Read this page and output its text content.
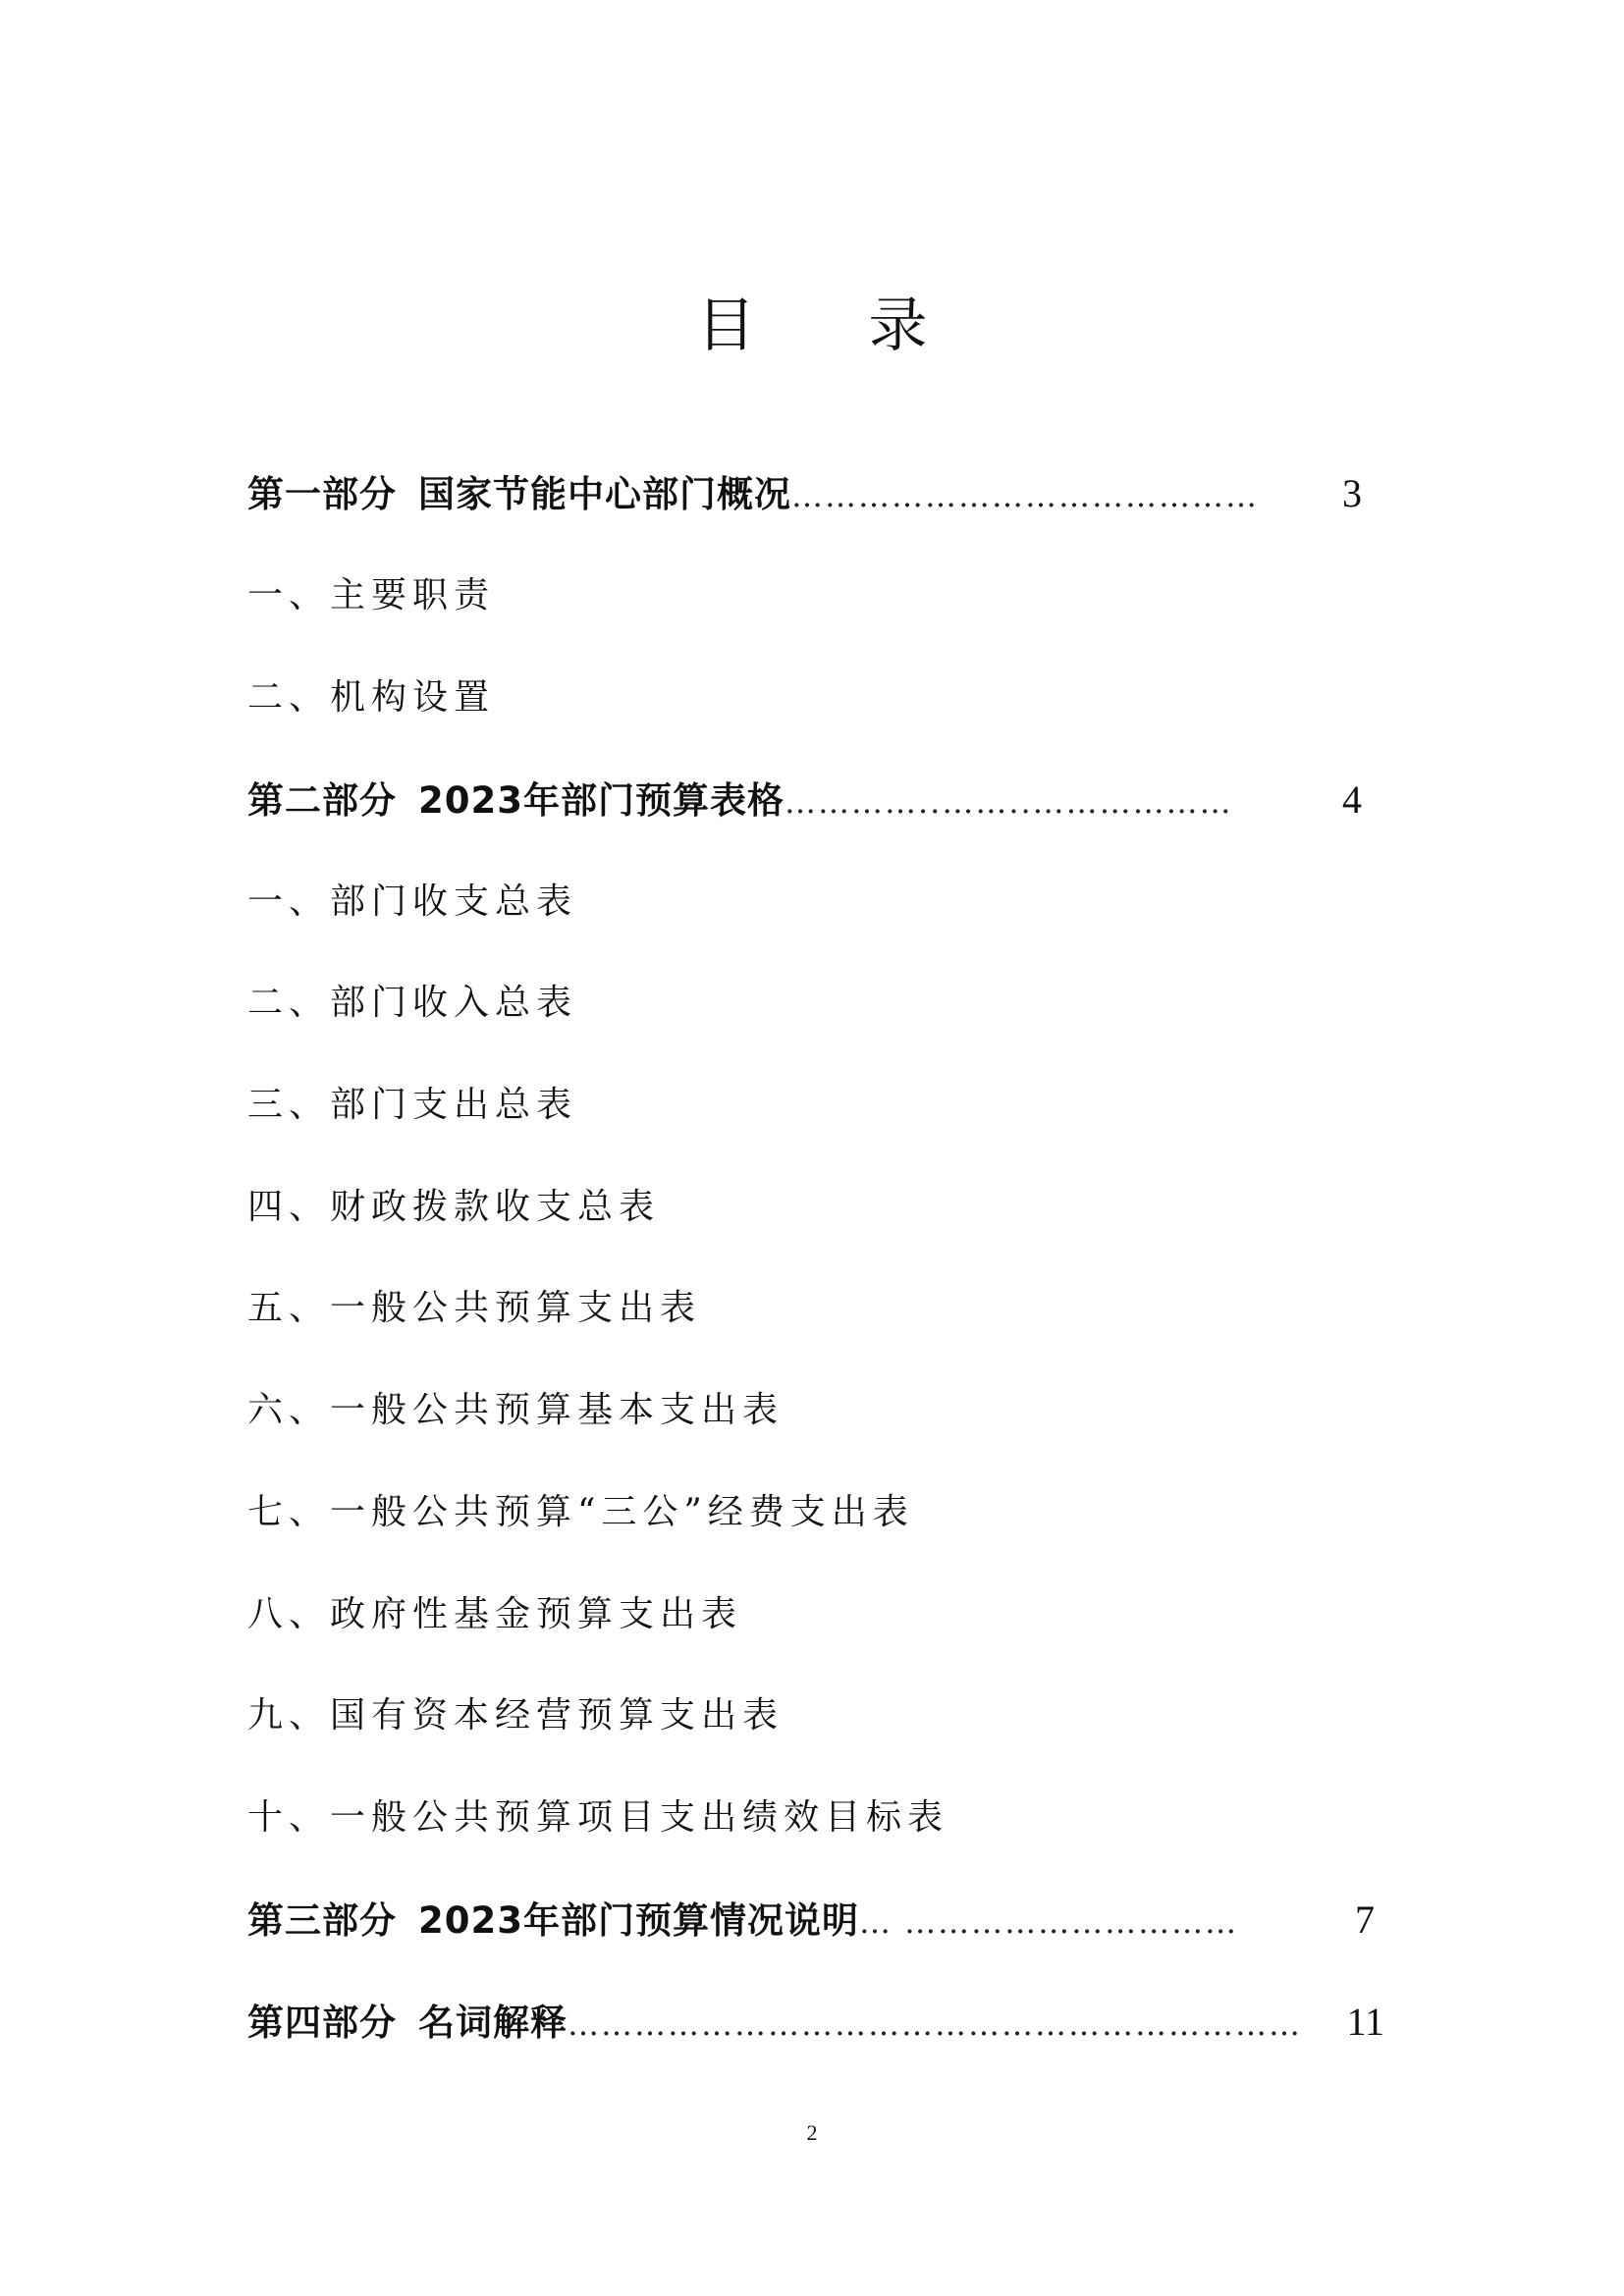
目 录
第一部分 国家节能中心部门概况 ……………………………………	3
一、主要职责
二、机构设置
第二部分 2023年部门预算表格 …………..……..………………	4
一、部门收支总表
二、部门收入总表
三、部门支出总表
四、财政拨款收支总表
五、一般公共预算支出表
六、一般公共预算基本支出表
七、一般公共预算“三公”经费支出表
八、政府性基金预算支出表
九、国有资本经营预算支出表
十、一般公共预算项目支出绩效目标表
第三部分 2023年部门预算情况说明 … …………………………	7
第四部分 名词解释 …………………………………………………………	11
2
